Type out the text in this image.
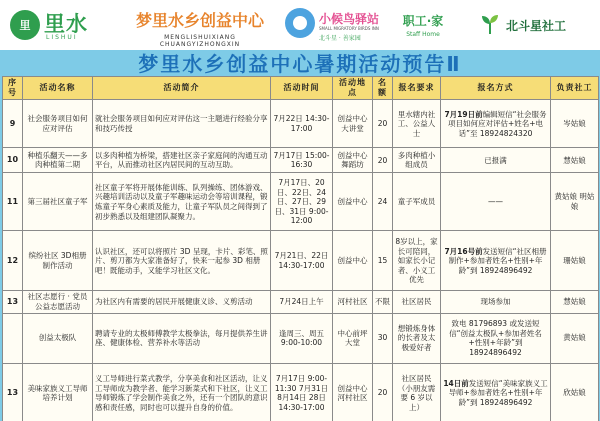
里 里水
LISHUI
梦里水乡创益中心
MENGLISHUIXIANG CHUANGYIZHONGXIN
小候鸟驿站
SMALL MIGRATORY BIRDS INN
北斗星 · 善家园
职工·家
Staff Home
北斗星社工
梦里水乡创益中心暑期活动预告Ⅱ
序号	活动名称	活动简介	活动时间	活动地点	名额	报名要求	报名方式	负责社工
9	社会服务项目如何应对评估	就社会服务项目如何应对评估这一主题进行经验分享和技巧传授	7月22日 14:30-17:00	创益中心大讲堂	20	里水辖内社工、公益人士	7月19日前编辑短信“社会服务项目如何应对评估+姓名+电话”至 18924824320	岑姑娘
10	种植乐翻天——多肉种植第二期	以多肉种植为桥梁，搭建社区亲子家庭间的沟通互动平台，从而推动社区内居民间的互动互助。	7月17日 15:00-16:30	创益中心舞蹈坊	20	多肉种植小组成员	已报满	慧姑娘
11	第三届社区童子军	社区童子军将开展体能训练、队列操练、团体游戏、兴趣培训活动以及童子军趣味运动会等培训课程，锻炼童子军身心素质及能力，让童子军队员之间得到了初步熟悉以及组建团队凝聚力。	7月17日、20日、22日、24日、27日、29日、31日 9:00-12:00	创益中心	24	童子军成员	——	黄姑娘 明姑娘
12	缤纷社区 3D相册制作活动	认识社区，还可以将照片 3D 呈现，卡片、彩笔、照片、剪刀都为大家准备好了，快来一起参 3D 相册吧！既能动手，又能学习社区文化。	7月21日、22日 14:30-17:00	创益中心	15	8岁以上，家长可陪同，如家长小记者、小义工优先	7月16号前发送短信“社区相册制作+参加者姓名+性别+年龄”到 18924896492	珊姑娘
13	社区志愿行 · 党员公益志愿活动	为社区内有需要的居民开展健康义诊、义剪活动	7月24日上午	河村社区	不限	社区居民	现场参加	慧姑娘
	创益太极队	聘请专业的太极师傅教学太极拳法，每月提供养生讲座、健康体检、营养补水等活动	逢周三、周五 9:00-10:00	中心前坪大堂	30	想锻炼身体的长者及太极爱好者	致电 81796893 或发送短信“创益太极队+参加者姓名+性别+年龄”到 18924896492	黄姑娘
13	美味家族义工导师培养计划	义工导师进行菜式教学，分享美食和社区活动，让义工导师成为教学者、能学习新菜式和下社区，让义工导师锻炼了学会制作美食之外，还有一个团队的意识感和责任感，同时也可以提升自身的价值。	7月17日 9:00-11:30 7月31日 8月14日 28日 14:30-17:00	创益中心 河村社区	20	社区居民（小朋友需要 6 岁以上）	14日前发送短信“美味家族义工导师+参加者姓名+性别+年龄”到 18924896492	欣姑娘
